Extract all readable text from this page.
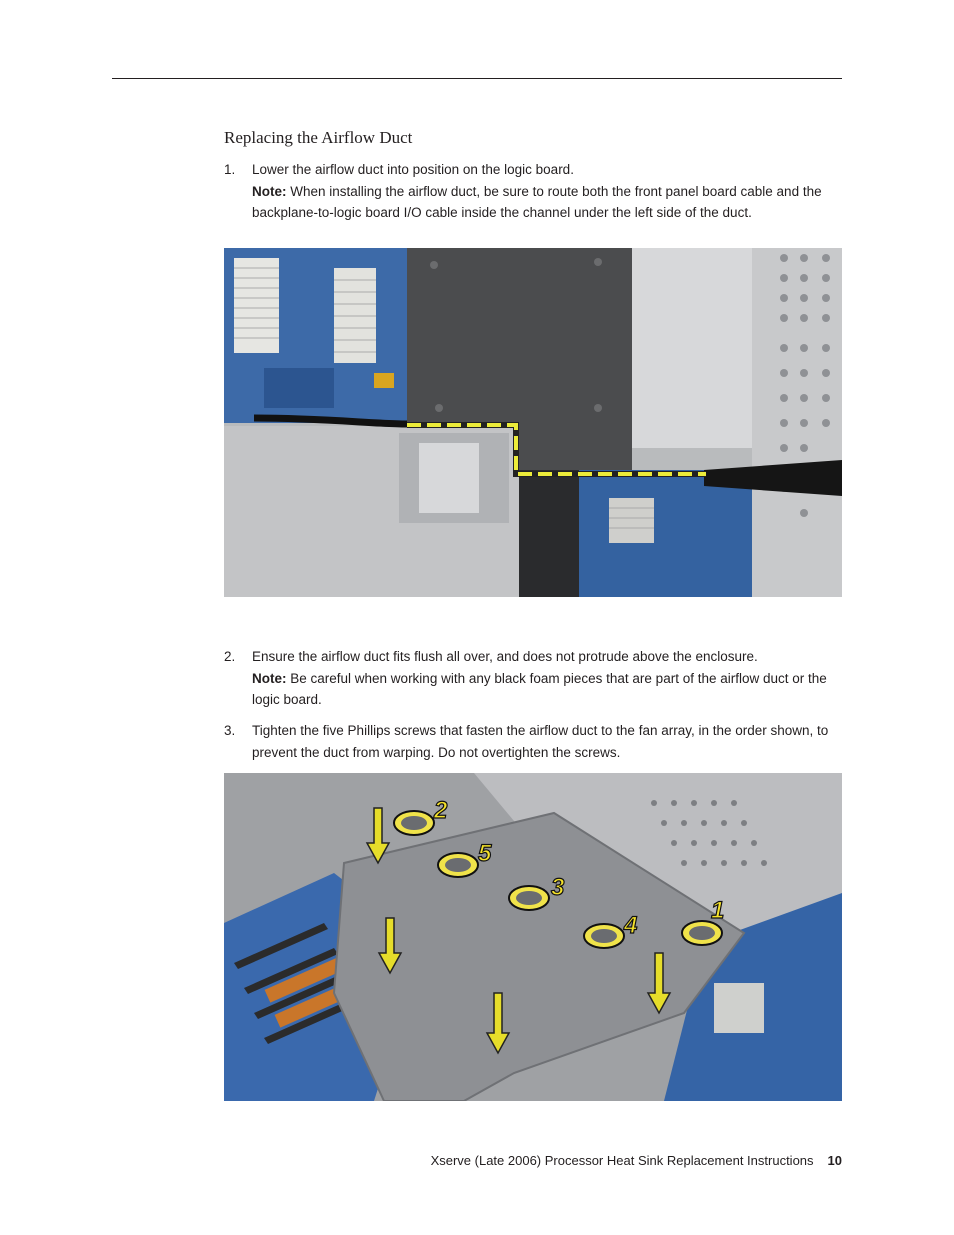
Replacing the Airflow Duct
1. Lower the airflow duct into position on the logic board.
Note: When installing the airflow duct, be sure to route both the front panel board cable and the backplane-to-logic board I/O cable inside the channel under the left side of the duct.
2. Ensure the airflow duct fits flush all over, and does not protrude above the enclosure.
Note: Be careful when working with any black foam pieces that are part of the airflow duct or the logic board.
3. Tighten the five Phillips screws that fasten the airflow duct to the fan array, in the order shown, to prevent the duct from warping. Do not overtighten the screws.
1
2
3
4
5
Xserve (Late 2006) Processor Heat Sink Replacement Instructions 10
